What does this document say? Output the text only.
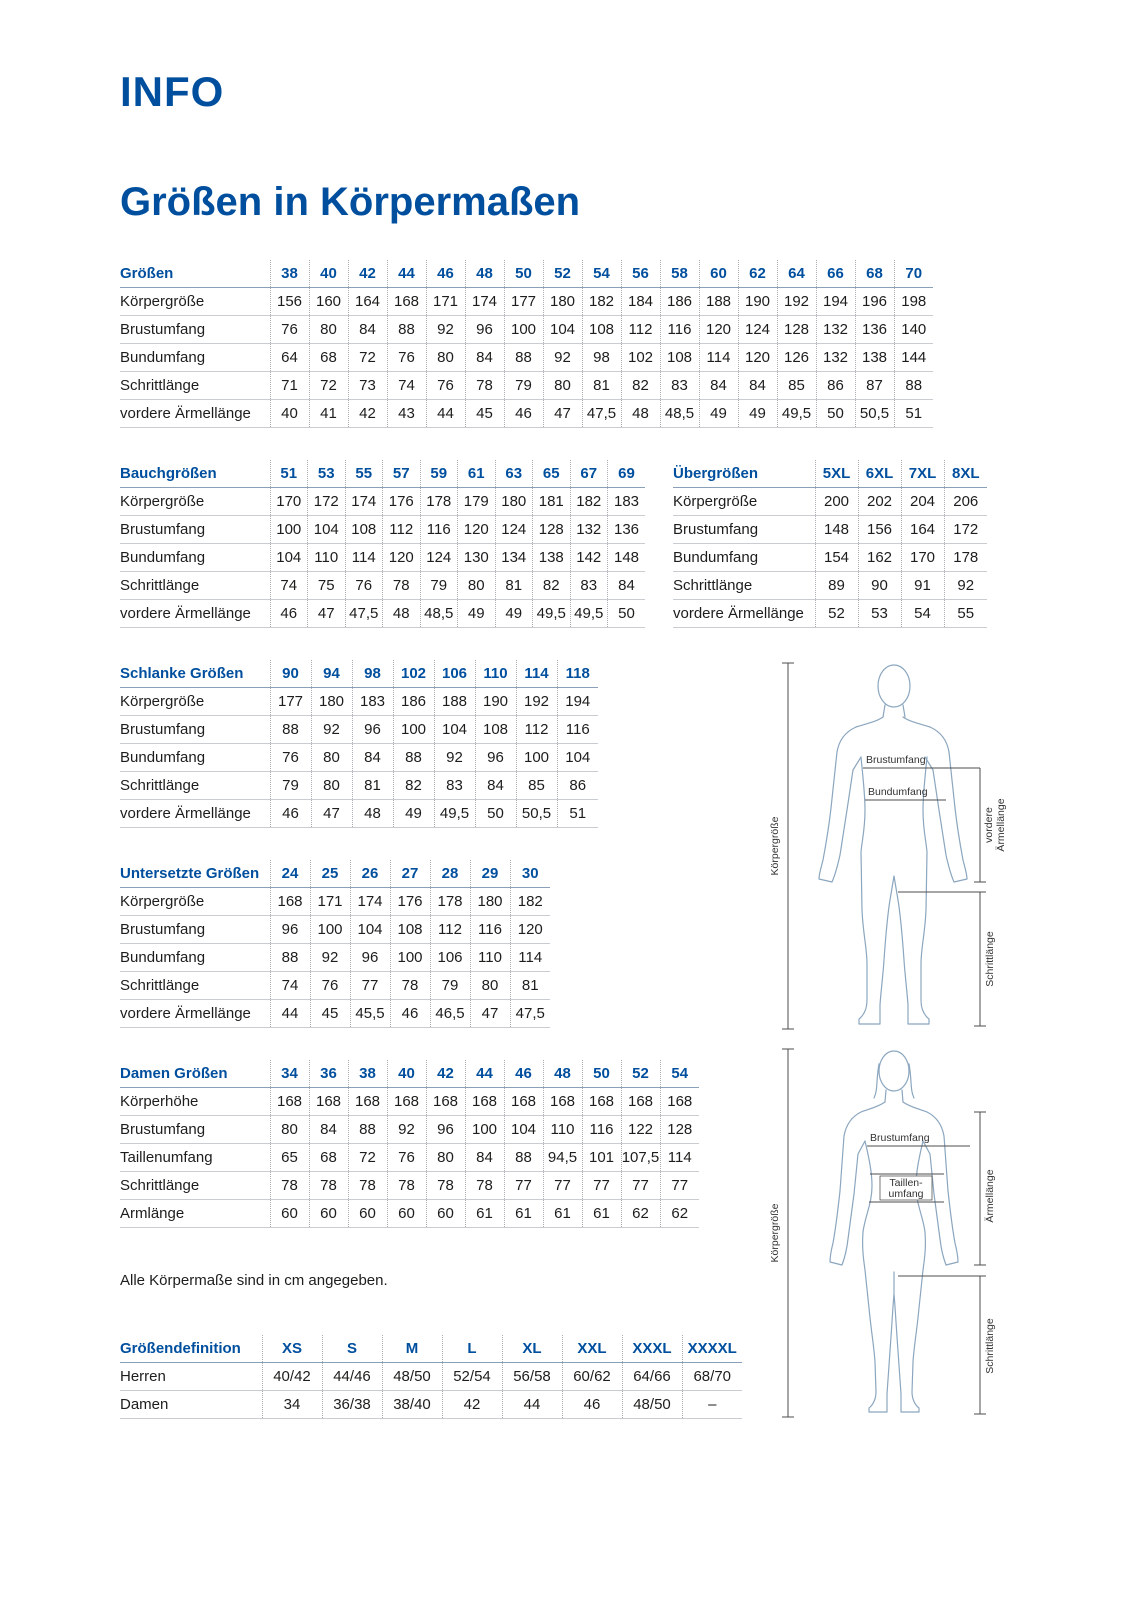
INFO
Größen in Körpermaßen
Größen	38	40	42	44	46	48	50	52	54	56	58	60	62	64	66	68	70
Körpergröße	156	160	164	168	171	174	177	180	182	184	186	188	190	192	194	196	198
Brustumfang	76	80	84	88	92	96	100	104	108	112	116	120	124	128	132	136	140
Bundumfang	64	68	72	76	80	84	88	92	98	102	108	114	120	126	132	138	144
Schrittlänge	71	72	73	74	76	78	79	80	81	82	83	84	84	85	86	87	88
vordere Ärmellänge	40	41	42	43	44	45	46	47	47,5	48	48,5	49	49	49,5	50	50,5	51
Bauchgrößen	51	53	55	57	59	61	63	65	67	69
Körpergröße	170	172	174	176	178	179	180	181	182	183
Brustumfang	100	104	108	112	116	120	124	128	132	136
Bundumfang	104	110	114	120	124	130	134	138	142	148
Schrittlänge	74	75	76	78	79	80	81	82	83	84
vordere Ärmellänge	46	47	47,5	48	48,5	49	49	49,5	49,5	50
Übergrößen	5XL	6XL	7XL	8XL
Körpergröße	200	202	204	206
Brustumfang	148	156	164	172
Bundumfang	154	162	170	178
Schrittlänge	89	90	91	92
vordere Ärmellänge	52	53	54	55
Schlanke Größen	90	94	98	102	106	110	114	118
Körpergröße	177	180	183	186	188	190	192	194
Brustumfang	88	92	96	100	104	108	112	116
Bundumfang	76	80	84	88	92	96	100	104
Schrittlänge	79	80	81	82	83	84	85	86
vordere Ärmellänge	46	47	48	49	49,5	50	50,5	51
Untersetzte Größen	24	25	26	27	28	29	30
Körpergröße	168	171	174	176	178	180	182
Brustumfang	96	100	104	108	112	116	120
Bundumfang	88	92	96	100	106	110	114
Schrittlänge	74	76	77	78	79	80	81
vordere Ärmellänge	44	45	45,5	46	46,5	47	47,5
Damen Größen	34	36	38	40	42	44	46	48	50	52	54
Körperhöhe	168	168	168	168	168	168	168	168	168	168	168
Brustumfang	80	84	88	92	96	100	104	110	116	122	128
Taillenumfang	65	68	72	76	80	84	88	94,5	101	107,5	114
Schrittlänge	78	78	78	78	78	78	77	77	77	77	77
Armlänge	60	60	60	60	60	61	61	61	61	62	62

Alle Körpermaße sind in cm angegeben.

Größendefinition	XS	S	M	L	XL	XXL	XXXL	XXXXL
Herren	40/42	44/46	48/50	52/54	56/58	60/62	64/66	68/70
Damen	34	36/38	38/40	42	44	46	48/50	–
Körpergröße
Brustumfang
Bundumfang
vordere Ärmellänge
Schrittlänge
Körpergröße
Brustumfang
Taillen-
umfang	Ärmellänge
Schrittlänge
